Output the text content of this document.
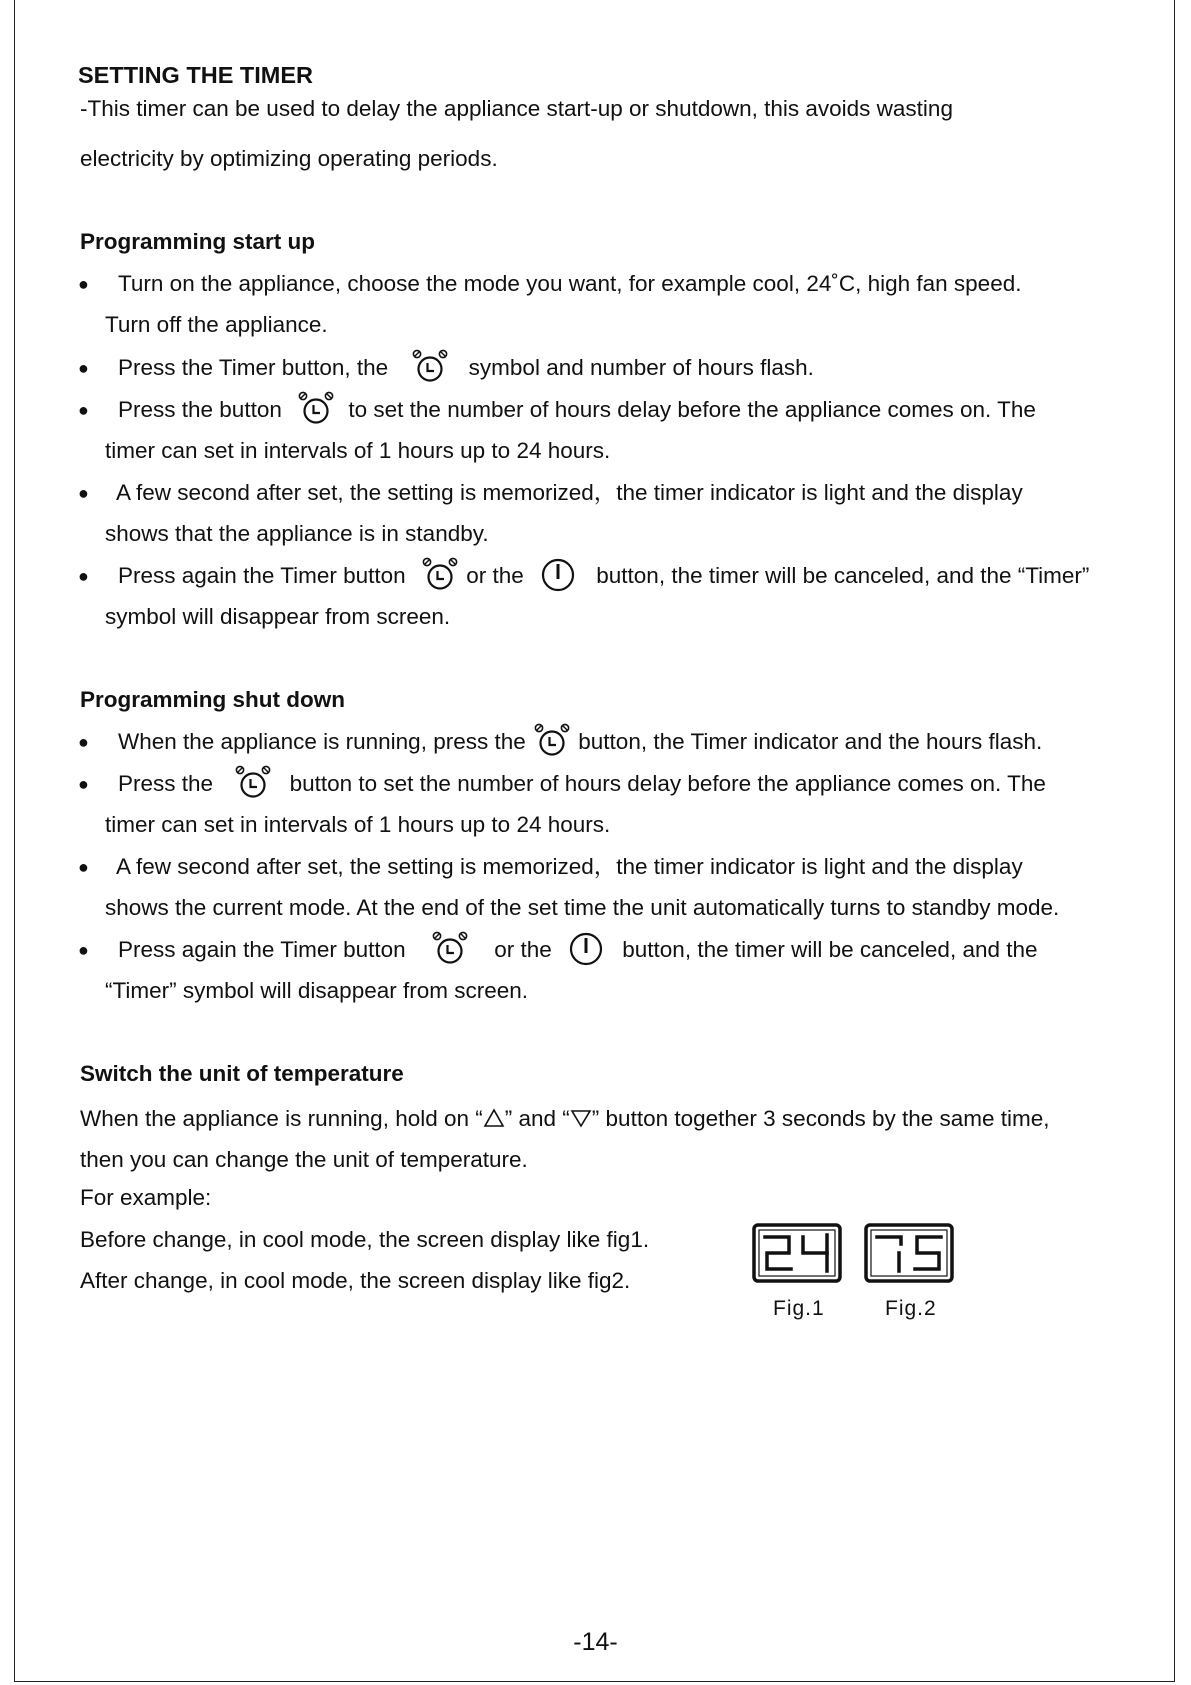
SETTING THE TIMER
-This timer can be used to delay the appliance start-up or shutdown, this avoids wasting
electricity by optimizing operating periods.
Programming start up
● Turn on the appliance, choose the mode you want, for example cool, 24˚C, high fan speed.
Turn off the appliance.
● Press the Timer button, the	symbol and number of hours flash.
● Press the button	to set the number of hours delay before the appliance comes on. The
timer can set in intervals of 1 hours up to 24 hours.
● A few second after set, the setting is memorized，the timer indicator is light and the display
shows that the appliance is in standby.
● Press again the Timer button	or the	button, the timer will be canceled, and the “Timer”
symbol will disappear from screen.
Programming shut down
● When the appliance is running, press the button, the Timer indicator and the hours flash.
● Press the	button to set the number of hours delay before the appliance comes on. The
timer can set in intervals of 1 hours up to 24 hours.
● A few second after set, the setting is memorized，the timer indicator is light and the display
shows the current mode. At the end of the set time the unit automatically turns to standby mode.
● Press again the Timer button	or the	button, the timer will be canceled, and the
“Timer” symbol will disappear from screen.
Switch the unit of temperature
When the appliance is running, hold on “ ” and “ ” button together 3 seconds by the same time,
then you can change the unit of temperature.
For example:
Before change, in cool mode, the screen display like fig1.
After change, in cool mode, the screen display like fig2.
Fig.1	Fig.2
-14-
